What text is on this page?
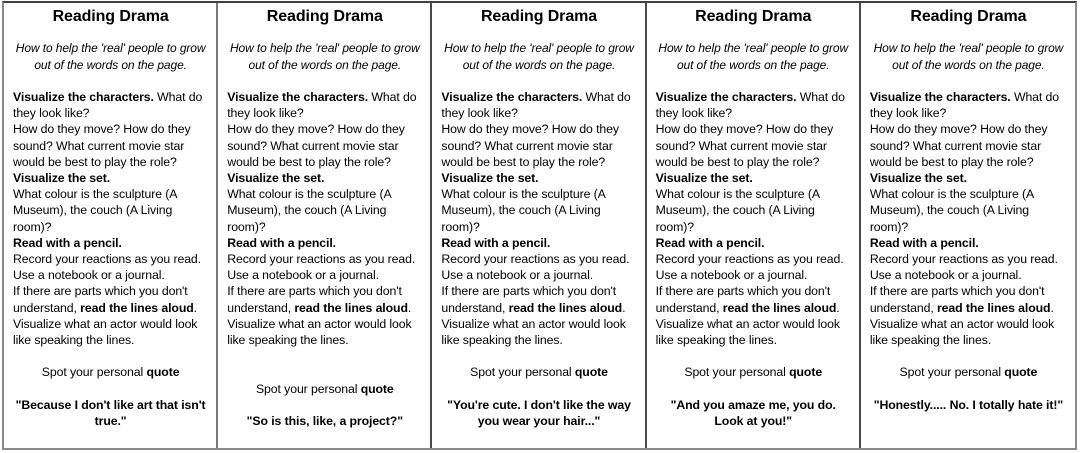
Reading Drama
How to help the 'real' people to grow out of the words on the page.

Visualize the characters. What do they look like?

How do they move? How do they sound? What current movie star would be best to play the role?

Visualize the set.

What colour is the sculpture (A Museum), the couch (A Living room)?

Read with a pencil.

Record your reactions as you read. Use a notebook or a journal.

If there are parts which you don't understand, read the lines aloud.

Visualize what an actor would look like speaking the lines.

Spot your personal quote

"Because I don't like art that isn't true."

Reading Drama
How to help the 'real' people to grow out of the words on the page.

Visualize the characters. What do they look like?

How do they move? How do they sound? What current movie star would be best to play the role?

Visualize the set.

What colour is the sculpture (A Museum), the couch (A Living room)?

Read with a pencil.

Record your reactions as you read. Use a notebook or a journal.

If there are parts which you don't understand, read the lines aloud.

Visualize what an actor would look like speaking the lines.

Spot your personal quote

"So is this, like, a project?"

Reading Drama
How to help the 'real' people to grow out of the words on the page.

Visualize the characters. What do they look like?

How do they move? How do they sound? What current movie star would be best to play the role?

Visualize the set.

What colour is the sculpture (A Museum), the couch (A Living room)?

Read with a pencil.

Record your reactions as you read. Use a notebook or a journal.

If there are parts which you don't understand, read the lines aloud.

Visualize what an actor would look like speaking the lines.

Spot your personal quote

"You're cute. I don't like the way you wear your hair..."

Reading Drama
How to help the 'real' people to grow out of the words on the page.

Visualize the characters. What do they look like?

How do they move? How do they sound? What current movie star would be best to play the role?

Visualize the set.

What colour is the sculpture (A Museum), the couch (A Living room)?

Read with a pencil.

Record your reactions as you read. Use a notebook or a journal.

If there are parts which you don't understand, read the lines aloud.

Visualize what an actor would look like speaking the lines.

Spot your personal quote

"And you amaze me, you do. Look at you!"

Reading Drama
How to help the 'real' people to grow out of the words on the page.

Visualize the characters. What do they look like?

How do they move? How do they sound? What current movie star would be best to play the role?

Visualize the set.

What colour is the sculpture (A Museum), the couch (A Living room)?

Read with a pencil.

Record your reactions as you read. Use a notebook or a journal.

If there are parts which you don't understand, read the lines aloud.

Visualize what an actor would look like speaking the lines.

Spot your personal quote

"Honestly..... No. I totally hate it!"
